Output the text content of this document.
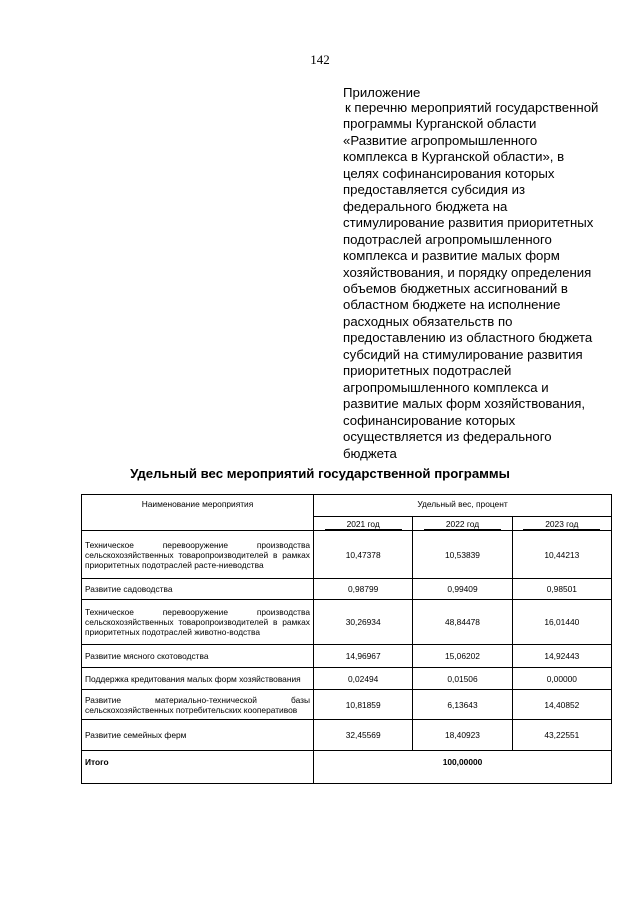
142
Приложение
к перечню мероприятий государственной
программы Курганской области
«Развитие агропромышленного
комплекса в Курганской области», в
целях софинансирования которых
предоставляется субсидия из
федерального бюджета на
стимулирование развития приоритетных
подотраслей агропромышленного
комплекса и развитие малых форм
хозяйствования, и порядку определения
объемов бюджетных ассигнований в
областном бюджете на исполнение
расходных обязательств по
предоставлению из областного бюджета
субсидий на стимулирование развития
приоритетных подотраслей
агропромышленного комплекса и
развитие малых форм хозяйствования,
софинансирование которых
осуществляется из федерального
бюджета
Удельный вес мероприятий государственной программы
Наименование мероприятия	Удельный вес, процент		
	2021 год	2022 год	2023 год
Техническое перевооружение производства сельскохозяйственных товаропроизводителей в рамках приоритетных подотраслей расте-ниеводства	10,47378	10,53839	10,44213
Развитие садоводства	0,98799	0,99409	0,98501
Техническое перевооружение производства сельскохозяйственных товаропроизводителей в рамках приоритетных подотраслей животно-водства	30,26934	48,84478	16,01440
Развитие мясного скотоводства	14,96967	15,06202	14,92443
Поддержка кредитования малых форм хозяйствования	0,02494	0,01506	0,00000
Развитие материально-технической базы сельскохозяйственных потребительских кооперативов	10,81859	6,13643	14,40852
Развитие семейных ферм	32,45569	18,40923	43,22551
Итого	100,00000		
